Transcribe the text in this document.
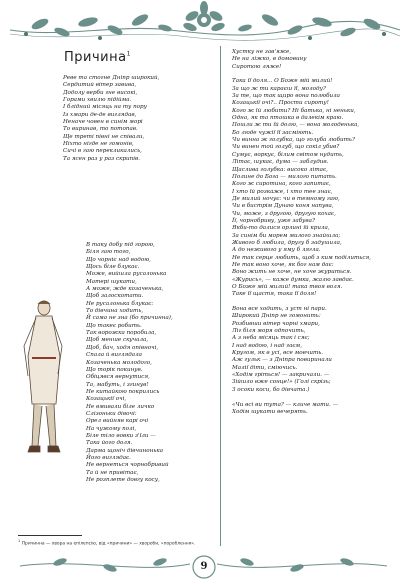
Причина$^1$
Реве та стогне Дніпр широкий,
Сердитий вітер завива,
Додолу верби гне високі,
Горами хвилю підійма.
І блідний місяць на ту пору
Із хмари де-де виглядав,
Неначе човен в синім морі
То виринав, то потопав.
Ще треті півні не співали,
Ніхто нігде не гомонів,
Сичі в гаю перекликались,
Та ясен раз у раз скрипів.
В таку добу під горою,
Біля гаю того,
Що чорніє над водою,
Щось біле блукає.
Може, вийшла русалонька
Матері шукати,
А може, жде козаченька,
Щоб залоскотати.
Не русалонька блукає:
То дівчина ходить,
Й сама не зна (бо причинна),
Що такеє робить.
Так ворожка поробила,
Щоб менше скучала,
Щоб, бач, ходя опівночі,
Спала й виглядала
Козаченька молодого,
Що торік покинув.
Обіцявся вернутися,
Та, мабуть, і згинув!
Не китайкою покрились
Козацькії очі,
Не вмивали біле личко
Слізоньки дівочі:
Орел вийняв карі очі
На чужому полі,
Біле тіло вовки з'їли —
Така його доля.
Дарма щоніч дівчинонька
Його виглядає.
Не вернеться чорнобривий
Та й не привітає,
Не розплете довгу косу,
Хустку не зав'яже,
Не на ліжко, в домовину
Сиротою ляже!
Така її доля... О Боже мій милий!
За що ж ти караєш її, молоду?
За те, що так щиро вона полюбила
Козацькії очі?.. Прости сироту!
Кого ж їй любити? Ні батька, ні неньки,
Одна, як та пташка в далекім краю.
Пошли ж ти їй долю, — вона молоденька,
Бо люде чужії її засміють.
Чи винна ж голубка, що голуба любить?
Чи винен той голуб, що сокіл убив?
Сумує, воркує, білим світом нудить,
Літає, шукає, дума — заблудив.
Щаслива голубка: високо літає,
Полине до Бога — милого питать.
Кого ж сиротина, кого запитає,
І хто їй розкаже, і хто тее знає,
Де милий ночує: чи в темному гаю,
Чи в бистрім Дунаю коня напува,
Чи, може, з другою, другую кохає,
Її, чорнобриву, уже забува?
Якби-то далися орлині їй крила,
За синім би морем милого знайшла;
Живого б любила, другу б задушила,
А до неживого у яму б лягла.
Не так серце любить, щоб з ким поділиться,
Не так воно хоче, як бог нам дає:
Воно жить не хоче, не хоче журиться.
«Журись», — каже думка, жалю завдає.
О Боже мій милий! така твоя воля.
Таке її щастя, така її доля!
Вона все ходить, з уст ні пари.
Широкий Дніпр не гомонить:
Розбивши вітер чорні хмари,
Ліг біля моря одпочить,
А з неба місяць так і сяє;
І над водою, і над гаєм,
Кругом, як в усі, все мовчить.
Аж гульк — з Дніпра повиринали
Малії діти, сміючись.
«Ходім гріться! — закричали. —
Зійшло вже сонце!» (Голі скрізь;
З осоки коси, бо дівчата.)
«Чи всі ви тута? — кличе мати. —
Ходім шукати вечерять.
$^1$ Причинна — хвора на епілепсію, від «причини» — хвороби, «пороблення».
9
